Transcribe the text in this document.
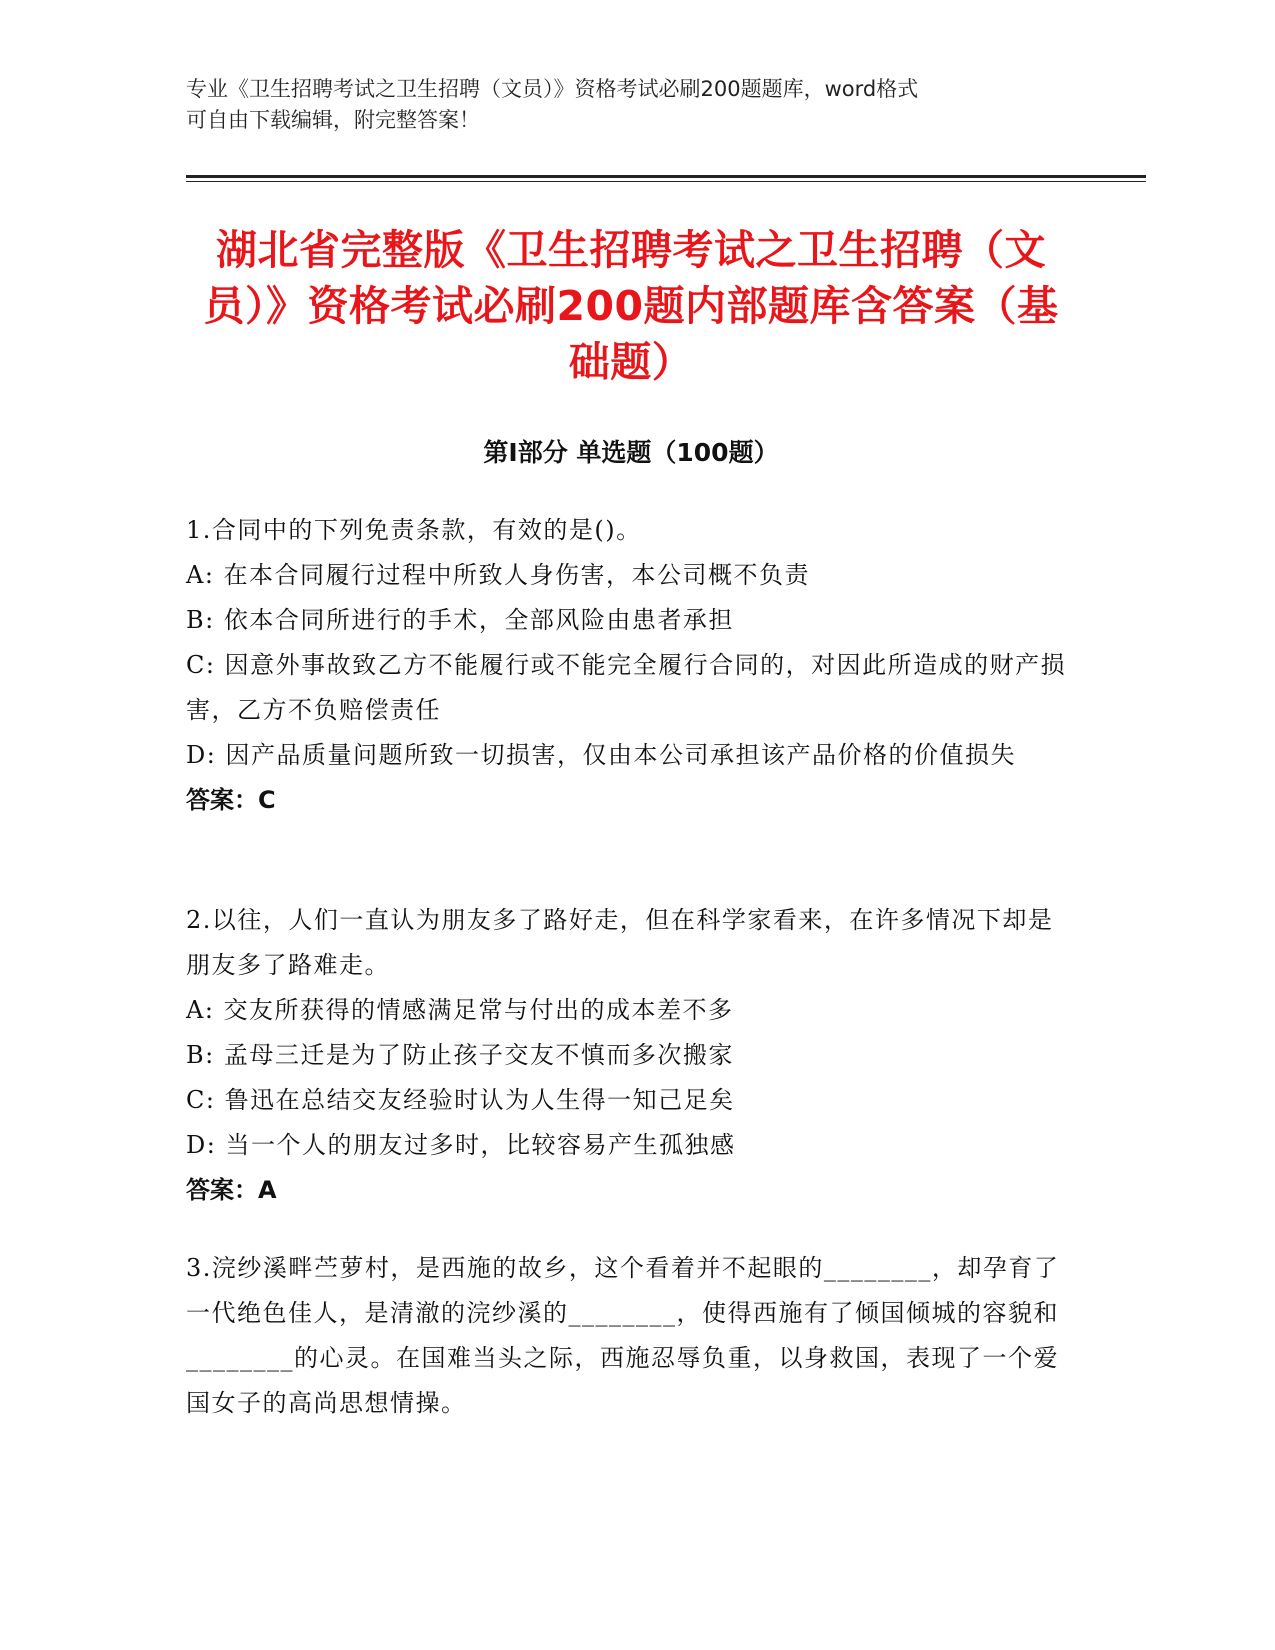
专业《卫生招聘考试之卫生招聘（文员）》资格考试必刷200题题库，word格式
可自由下载编辑，附完整答案！
湖北省完整版《卫生招聘考试之卫生招聘（文员）》资格考试必刷200题内部题库含答案（基础题）
第Ⅰ部分 单选题（100题）

1.合同中的下列免责条款，有效的是()。

A: 在本合同履行过程中所致人身伤害，本公司概不负责

B: 依本合同所进行的手术，全部风险由患者承担

C: 因意外事故致乙方不能履行或不能完全履行合同的，对因此所造成的财产损害，乙方不负赔偿责任

D: 因产品质量问题所致一切损害，仅由本公司承担该产品价格的价值损失

答案：C

2.以往，人们一直认为朋友多了路好走，但在科学家看来，在许多情况下却是朋友多了路难走。

A: 交友所获得的情感满足常与付出的成本差不多

B: 孟母三迁是为了防止孩子交友不慎而多次搬家

C: 鲁迅在总结交友经验时认为人生得一知己足矣

D: 当一个人的朋友过多时，比较容易产生孤独感

答案：A

3.浣纱溪畔苎萝村，是西施的故乡，这个看着并不起眼的________，却孕育了一代绝色佳人，是清澈的浣纱溪的________，使得西施有了倾国倾城的容貌和________的心灵。在国难当头之际，西施忍辱负重，以身救国，表现了一个爱国女子的高尚思想情操。
